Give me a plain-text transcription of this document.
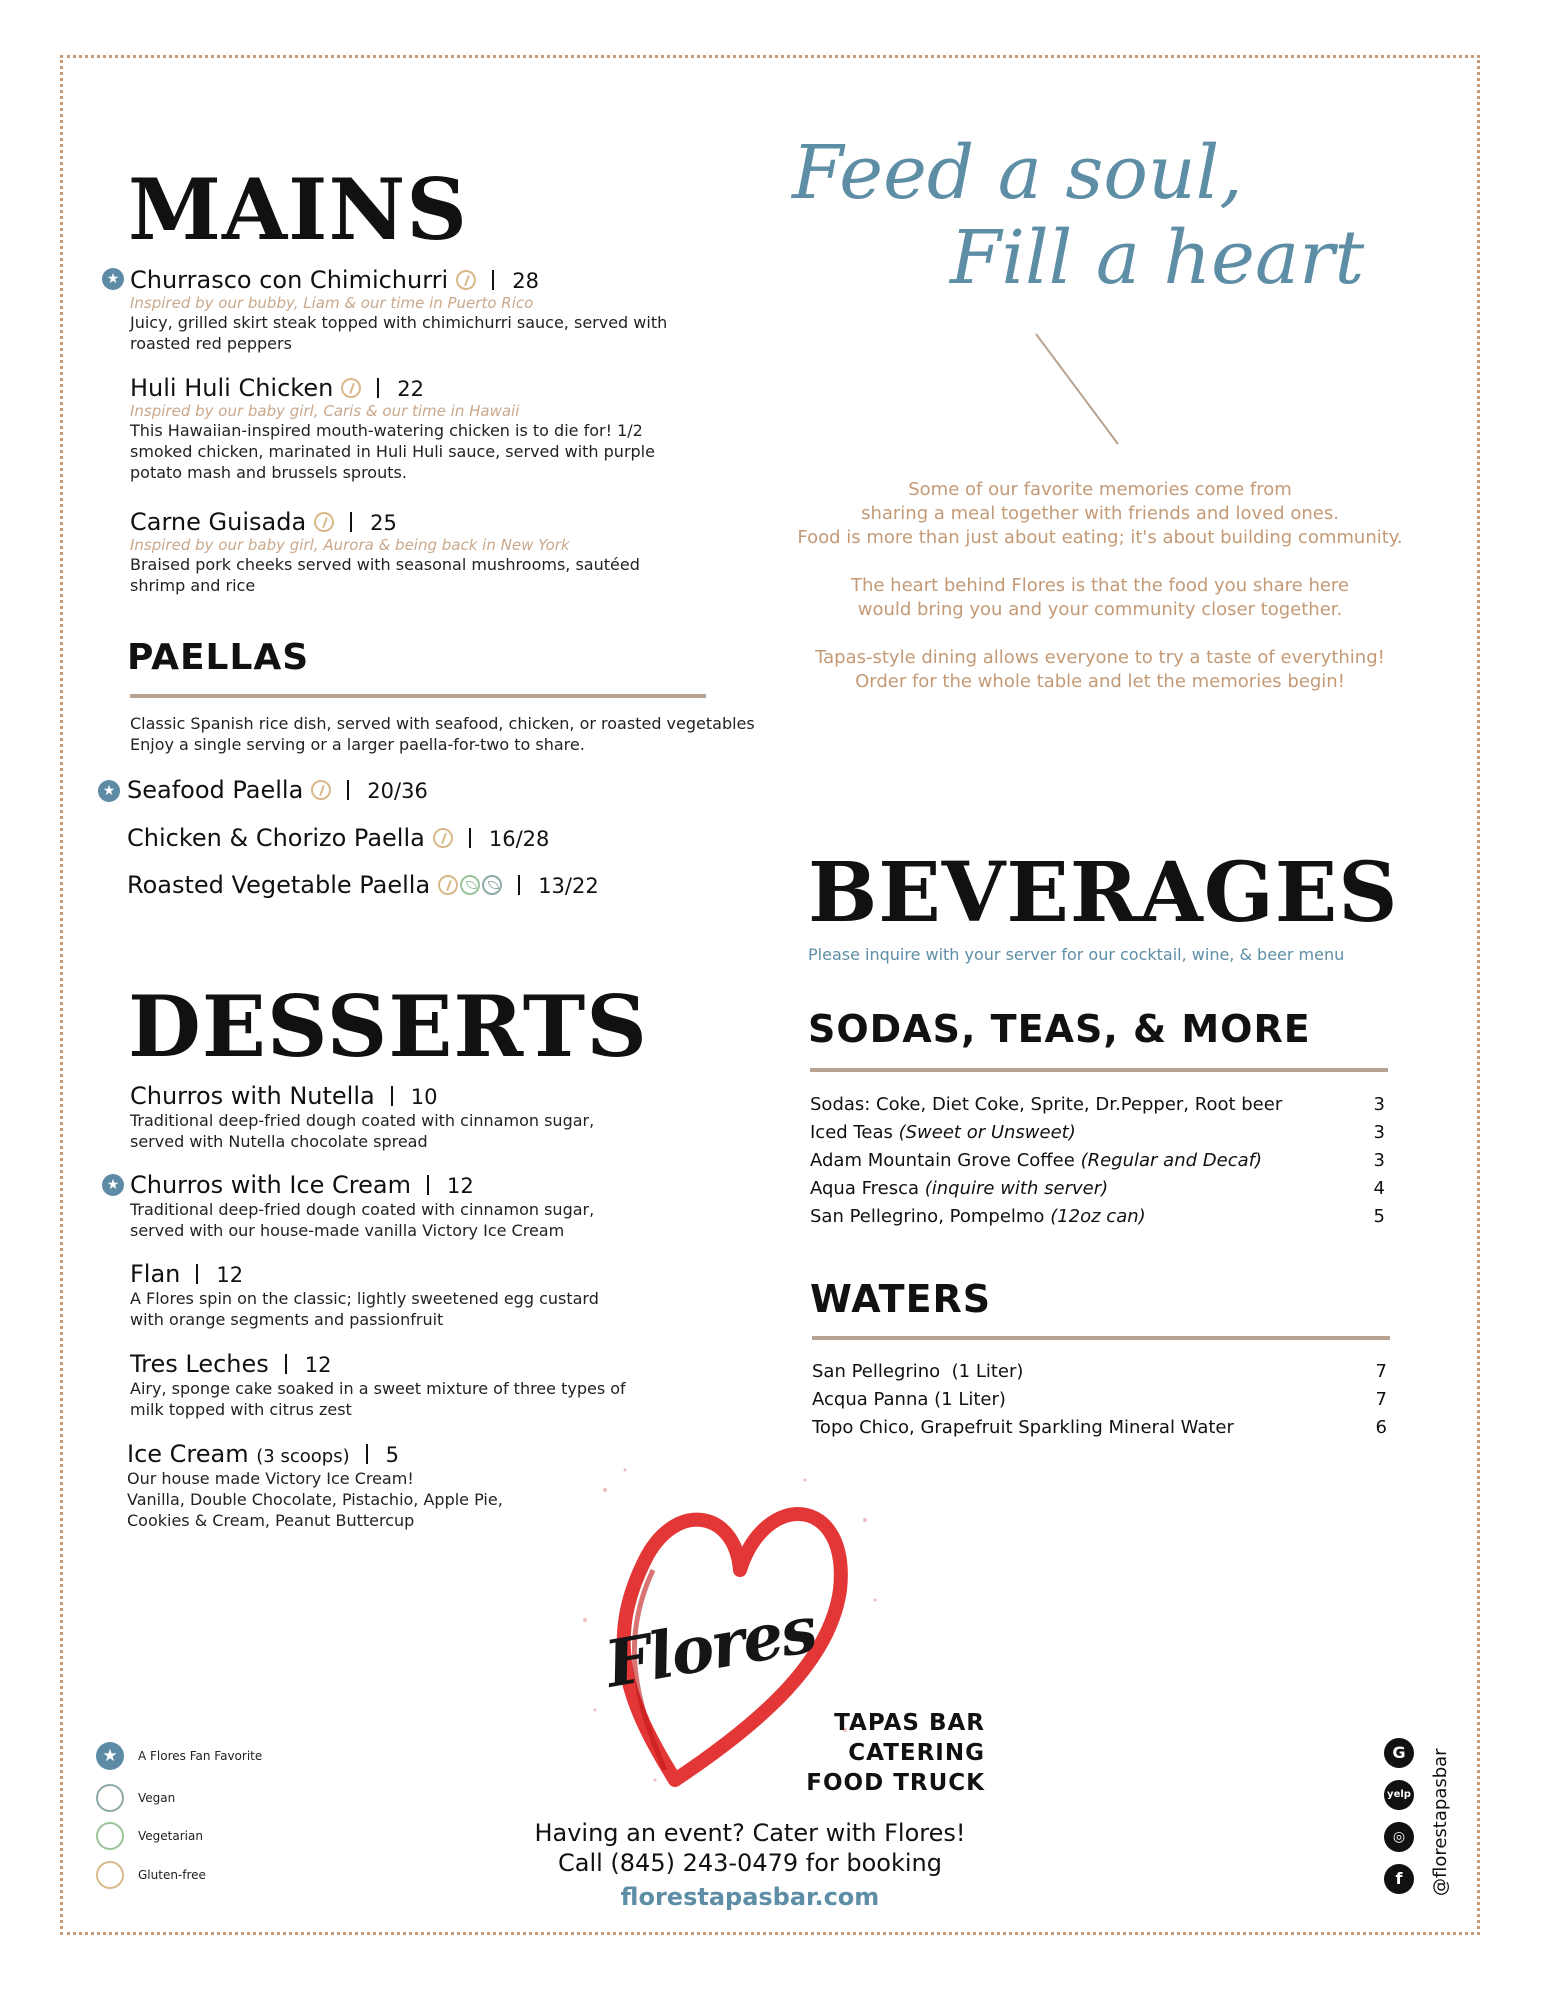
MAINS
★ Churrasco con Chimichurri	28
Inspired by our bubby, Liam & our time in Puerto Rico
Juicy, grilled skirt steak topped with chimichurri sauce, served with roasted red peppers
Huli Huli Chicken	22
Inspired by our baby girl, Caris & our time in Hawaii
This Hawaiian-inspired mouth-watering chicken is to die for! 1/2 smoked chicken, marinated in Huli Huli sauce, served with purple potato mash and brussels sprouts.
Carne Guisada	25
Inspired by our baby girl, Aurora & being back in New York
Braised pork cheeks served with seasonal mushrooms, sautéed shrimp and rice
PAELLAS
Classic Spanish rice dish, served with seafood, chicken, or roasted vegetables
Enjoy a single serving or a larger paella-for-two to share.
★ Seafood Paella	20/36
Chicken & Chorizo Paella	16/28
Roasted Vegetable Paella	13/22
DESSERTS
Churros with Nutella 10
Traditional deep-fried dough coated with cinnamon sugar, served with Nutella chocolate spread
★ Churros with Ice Cream 12
Traditional deep-fried dough coated with cinnamon sugar, served with our house-made vanilla Victory Ice Cream
Flan 12
A Flores spin on the classic; lightly sweetened egg custard with orange segments and passionfruit
Tres Leches 12
Airy, sponge cake soaked in a sweet mixture of three types of milk topped with citrus zest
Ice Cream (3 scoops) 5
Our house made Victory Ice Cream!
Vanilla, Double Chocolate, Pistachio, Apple Pie,
Cookies & Cream, Peanut Buttercup
Feed a soul,
Fill a heart
Some of our favorite memories come from
sharing a meal together with friends and loved ones.
Food is more than just about eating; it's about building community.
The heart behind Flores is that the food you share here
would bring you and your community closer together.
Tapas-style dining allows everyone to try a taste of everything!
Order for the whole table and let the memories begin!
BEVERAGES
Please inquire with your server for our cocktail, wine, & beer menu
SODAS, TEAS, & MORE
Sodas: Coke, Diet Coke, Sprite, Dr.Pepper, Root beer	3
Iced Teas (Sweet or Unsweet)	3
Adam Mountain Grove Coffee (Regular and Decaf)	3
Aqua Fresca (inquire with server)	4
San Pellegrino, Pompelmo (12oz can)	5
WATERS
San Pellegrino  (1 Liter)	7
Acqua Panna (1 Liter)	7
Topo Chico, Grapefruit Sparkling Mineral Water	6
Flores
TAPAS BAR
CATERING
FOOD TRUCK
Having an event? Cater with Flores!
Call (845) 243-0479 for booking
florestapasbar.com
★	A Flores Fan Favorite
Vegan
Vegetarian
Gluten-free
G
yelp
◎
f	@florestapasbar
